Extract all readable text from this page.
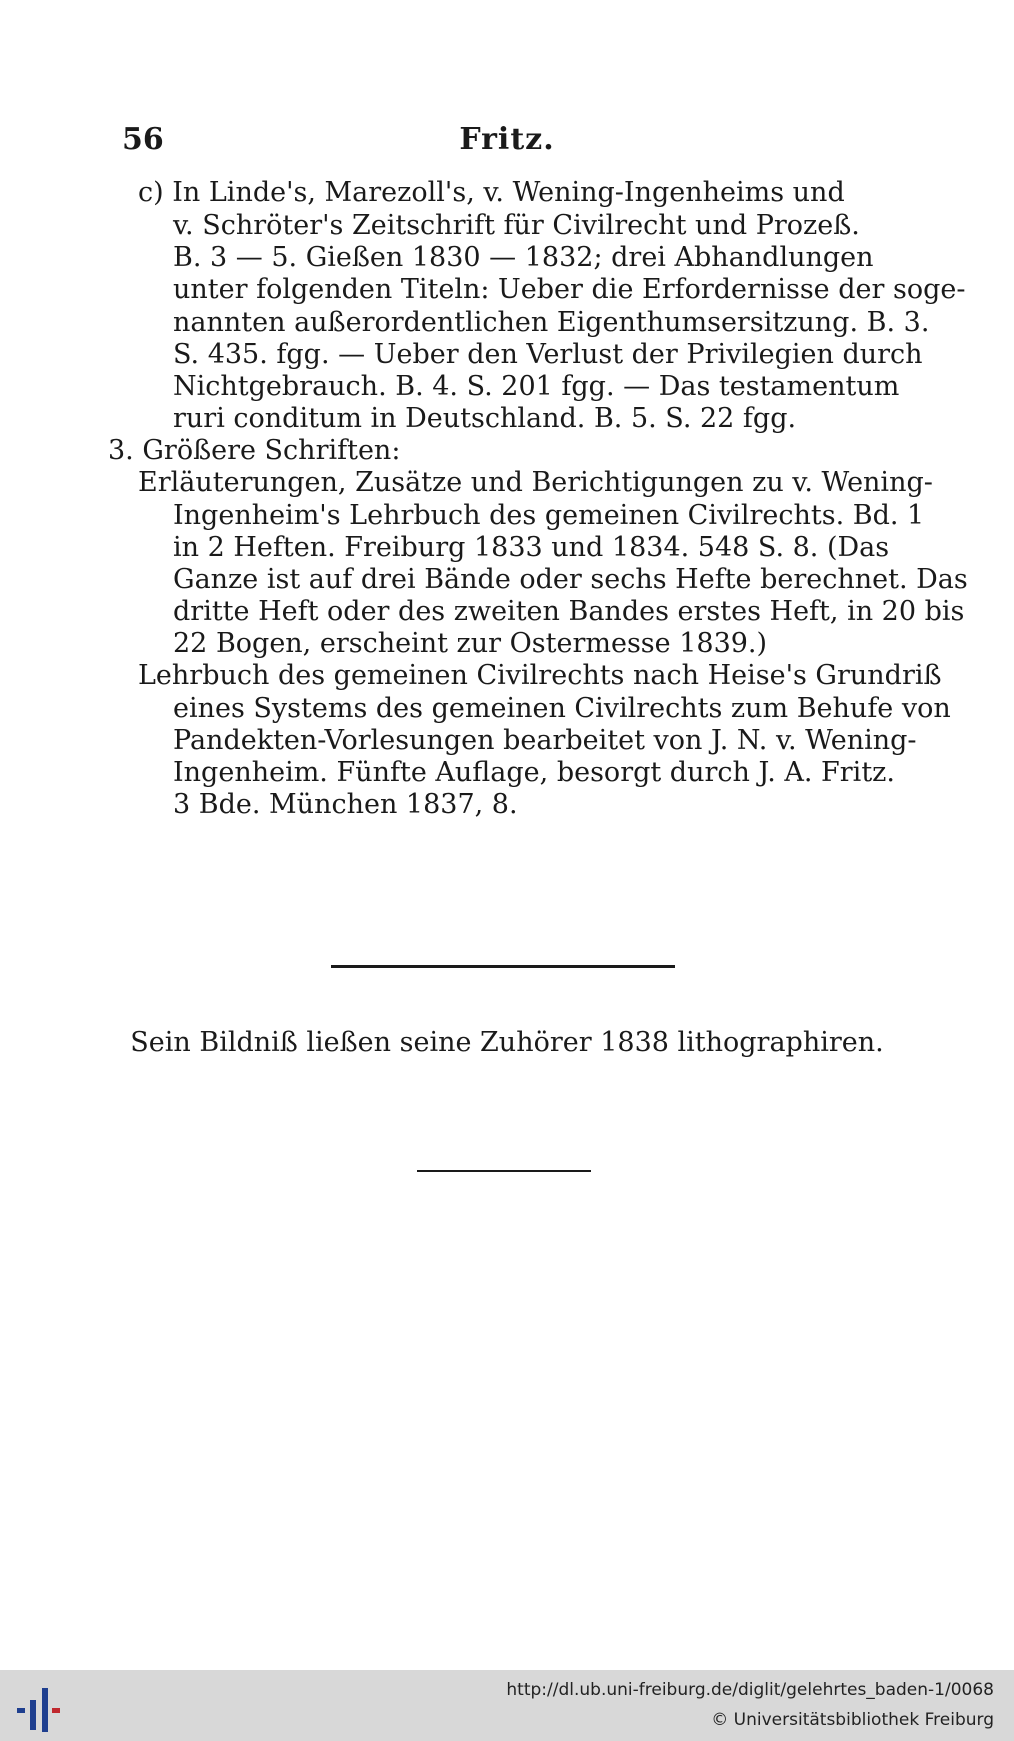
56	Fritz.
c) In Linde's, Marezoll's, v. Wening-Ingenheims und
v. Schröter's Zeitschrift für Civilrecht und Prozeß.
B. 3 — 5. Gießen 1830 — 1832; drei Abhandlungen
unter folgenden Titeln: Ueber die Erfordernisse der soge-
nannten außerordentlichen Eigenthumsersitzung. B. 3.
S. 435. fgg. — Ueber den Verlust der Privilegien durch
Nichtgebrauch. B. 4. S. 201 fgg. — Das testamentum
ruri conditum in Deutschland. B. 5. S. 22 fgg.
3. Größere Schriften:
Erläuterungen, Zusätze und Berichtigungen zu v. Wening-
Ingenheim's Lehrbuch des gemeinen Civilrechts. Bd. 1
in 2 Heften. Freiburg 1833 und 1834. 548 S. 8. (Das
Ganze ist auf drei Bände oder sechs Hefte berechnet. Das
dritte Heft oder des zweiten Bandes erstes Heft, in 20 bis
22 Bogen, erscheint zur Ostermesse 1839.)
Lehrbuch des gemeinen Civilrechts nach Heise's Grundriß
eines Systems des gemeinen Civilrechts zum Behufe von
Pandekten-Vorlesungen bearbeitet von J. N. v. Wening-
Ingenheim. Fünfte Auflage, besorgt durch J. A. Fritz.
3 Bde. München 1837, 8.
Sein Bildniß ließen seine Zuhörer 1838 lithographiren.
http://dl.ub.uni-freiburg.de/diglit/gelehrtes_baden-1/0068
© Universitätsbibliothek Freiburg
